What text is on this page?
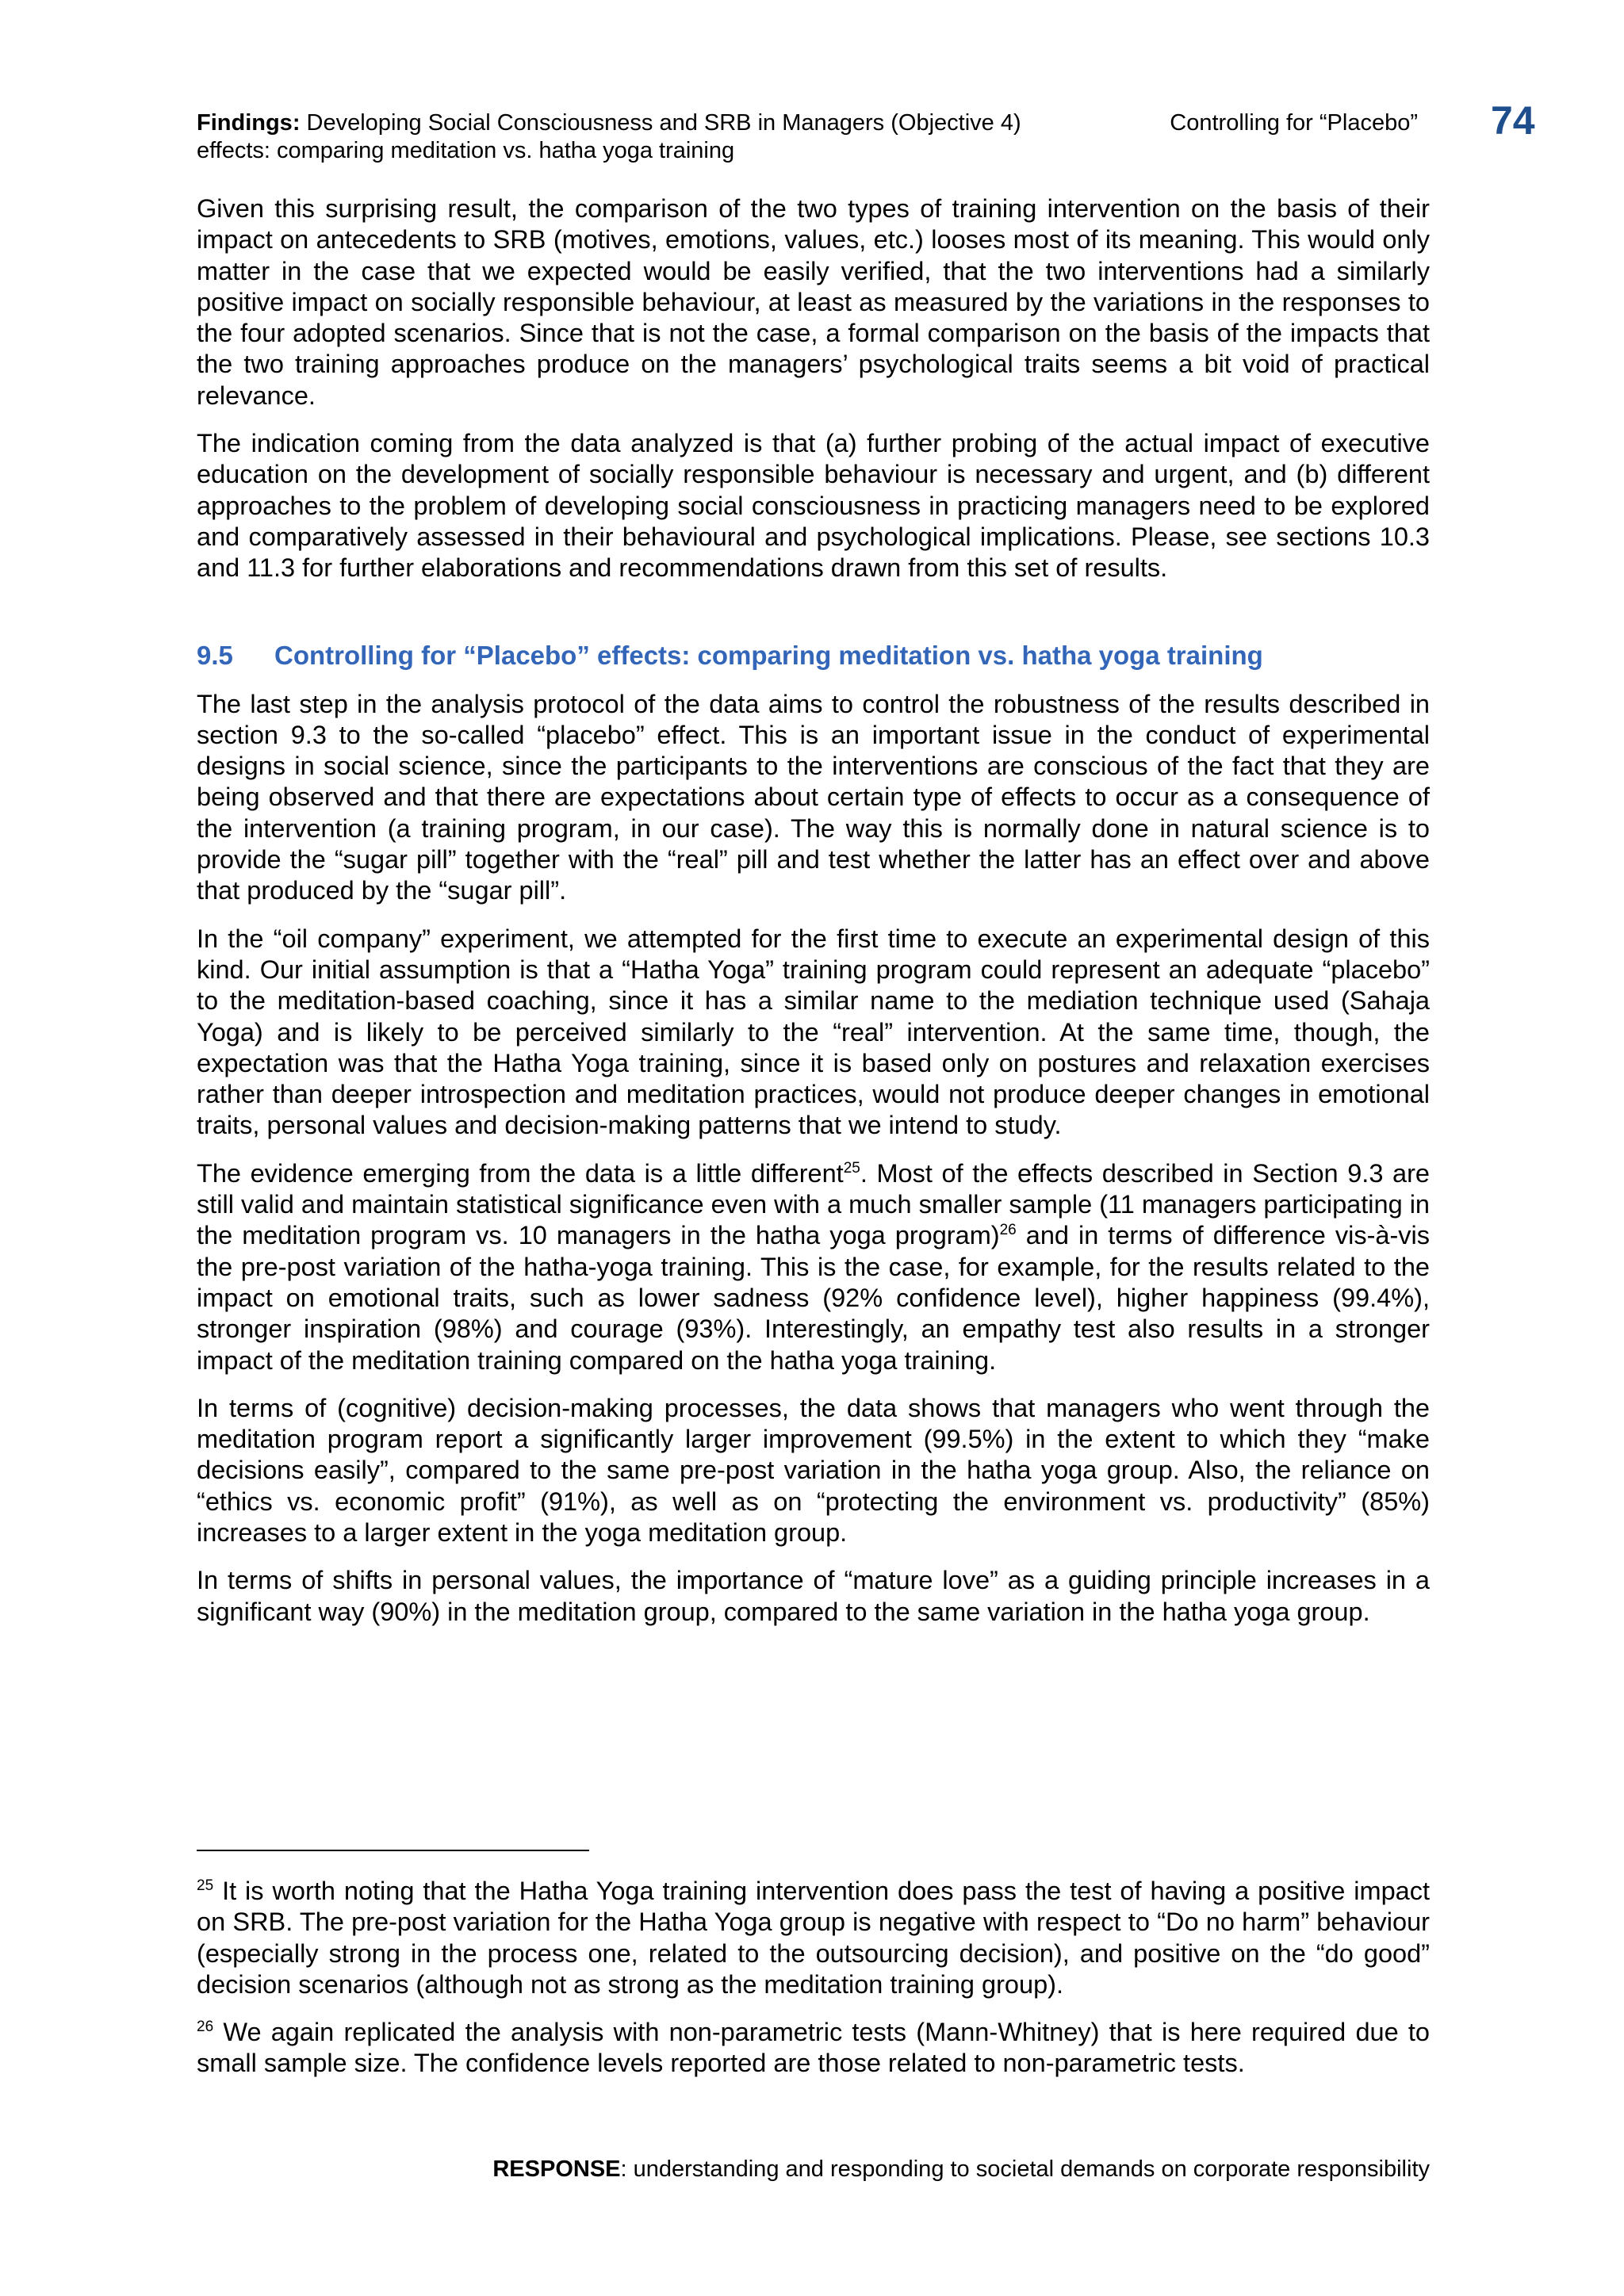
Findings: Developing Social Consciousness and SRB in Managers (Objective 4)	Controlling for “Placebo”
effects: comparing meditation vs. hatha yoga training
74

Given this surprising result, the comparison of the two types of training intervention on the basis of their impact on antecedents to SRB (motives, emotions, values, etc.) looses most of its meaning. This would only matter in the case that we expected would be easily verified, that the two interventions had a similarly positive impact on socially responsible behaviour, at least as measured by the variations in the responses to the four adopted scenarios. Since that is not the case, a formal comparison on the basis of the impacts that the two training approaches produce on the managers’ psychological traits seems a bit void of practical relevance.

The indication coming from the data analyzed is that (a) further probing of the actual impact of executive education on the development of socially responsible behaviour is necessary and urgent, and (b) different approaches to the problem of developing social consciousness in practicing managers need to be explored and comparatively assessed in their behavioural and psychological implications. Please, see sections 10.3 and 11.3 for further elaborations and recommendations drawn from this set of results.

9.5	Controlling for “Placebo” effects: comparing meditation vs. hatha yoga training

The last step in the analysis protocol of the data aims to control the robustness of the results described in section 9.3 to the so-called “placebo” effect. This is an important issue in the conduct of experimental designs in social science, since the participants to the interventions are conscious of the fact that they are being observed and that there are expectations about certain type of effects to occur as a consequence of the intervention (a training program, in our case). The way this is normally done in natural science is to provide the “sugar pill” together with the “real” pill and test whether the latter has an effect over and above that produced by the “sugar pill”.

In the “oil company” experiment, we attempted for the first time to execute an experimental design of this kind. Our initial assumption is that a “Hatha Yoga” training program could represent an adequate “placebo” to the meditation-based coaching, since it has a similar name to the mediation technique used (Sahaja Yoga) and is likely to be perceived similarly to the “real” intervention. At the same time, though, the expectation was that the Hatha Yoga training, since it is based only on postures and relaxation exercises rather than deeper introspection and meditation practices, would not produce deeper changes in emotional traits, personal values and decision-making patterns that we intend to study.

The evidence emerging from the data is a little different$^{25}$. Most of the effects described in Section 9.3 are still valid and maintain statistical significance even with a much smaller sample (11 managers participating in the meditation program vs. 10 managers in the hatha yoga program)$^{26}$ and in terms of difference vis-à-vis the pre-post variation of the hatha-yoga training. This is the case, for example, for the results related to the impact on emotional traits, such as lower sadness (92% confidence level), higher happiness (99.4%), stronger inspiration (98%) and courage (93%). Interestingly, an empathy test also results in a stronger impact of the meditation training compared on the hatha yoga training.

In terms of (cognitive) decision-making processes, the data shows that managers who went through the meditation program report a significantly larger improvement (99.5%) in the extent to which they “make decisions easily”, compared to the same pre-post variation in the hatha yoga group. Also, the reliance on “ethics vs. economic profit” (91%), as well as on “protecting the environment vs. productivity” (85%) increases to a larger extent in the yoga meditation group.

In terms of shifts in personal values, the importance of “mature love” as a guiding principle increases in a significant way (90%) in the meditation group, compared to the same variation in the hatha yoga group.

$^{25}$ It is worth noting that the Hatha Yoga training intervention does pass the test of having a positive impact on SRB. The pre-post variation for the Hatha Yoga group is negative with respect to “Do no harm” behaviour (especially strong in the process one, related to the outsourcing decision), and positive on the “do good” decision scenarios (although not as strong as the meditation training group).

$^{26}$ We again replicated the analysis with non-parametric tests (Mann-Whitney) that is here required due to small sample size. The confidence levels reported are those related to non-parametric tests.

RESPONSE: understanding and responding to societal demands on corporate responsibility
